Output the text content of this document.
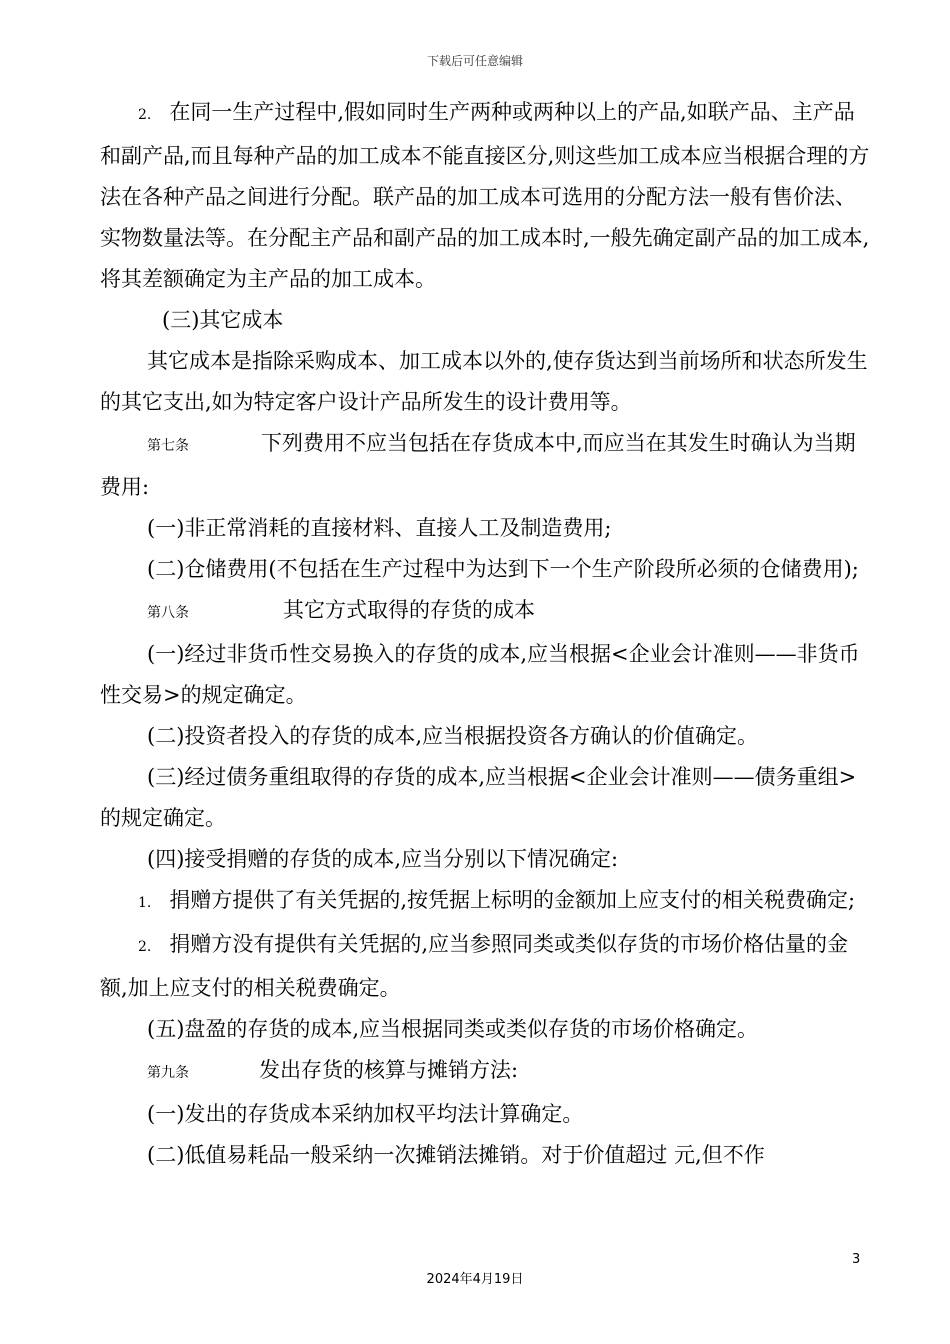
下载后可任意编辑

2. 在同一生产过程中,假如同时生产两种或两种以上的产品,如联产品、主产品和副产品,而且每种产品的加工成本不能直接区分,则这些加工成本应当根据合理的方法在各种产品之间进行分配。联产品的加工成本可选用的分配方法一般有售价法、实物数量法等。在分配主产品和副产品的加工成本时,一般先确定副产品的加工成本,将其差额确定为主产品的加工成本。

(三)其它成本

其它成本是指除采购成本、加工成本以外的,使存货达到当前场所和状态所发生的其它支出,如为特定客户设计产品所发生的设计费用等。

第七条	下列费用不应当包括在存货成本中,而应当在其发生时确认为当期费用:

(一)非正常消耗的直接材料、直接人工及制造费用;

(二)仓储费用(不包括在生产过程中为达到下一个生产阶段所必须的仓储费用);

第八条	其它方式取得的存货的成本

(一)经过非货币性交易换入的存货的成本,应当根据<企业会计准则——非货币性交易>的规定确定。

(二)投资者投入的存货的成本,应当根据投资各方确认的价值确定。

(三)经过债务重组取得的存货的成本,应当根据<企业会计准则——债务重组>的规定确定。

(四)接受捐赠的存货的成本,应当分别以下情况确定:

1. 捐赠方提供了有关凭据的,按凭据上标明的金额加上应支付的相关税费确定;

2. 捐赠方没有提供有关凭据的,应当参照同类或类似存货的市场价格估量的金额,加上应支付的相关税费确定。

(五)盘盈的存货的成本,应当根据同类或类似存货的市场价格确定。

第九条	发出存货的核算与摊销方法:

(一)发出的存货成本采纳加权平均法计算确定。

(二)低值易耗品一般采纳一次摊销法摊销。对于价值超过 元,但不作

3
2024年4月19日
